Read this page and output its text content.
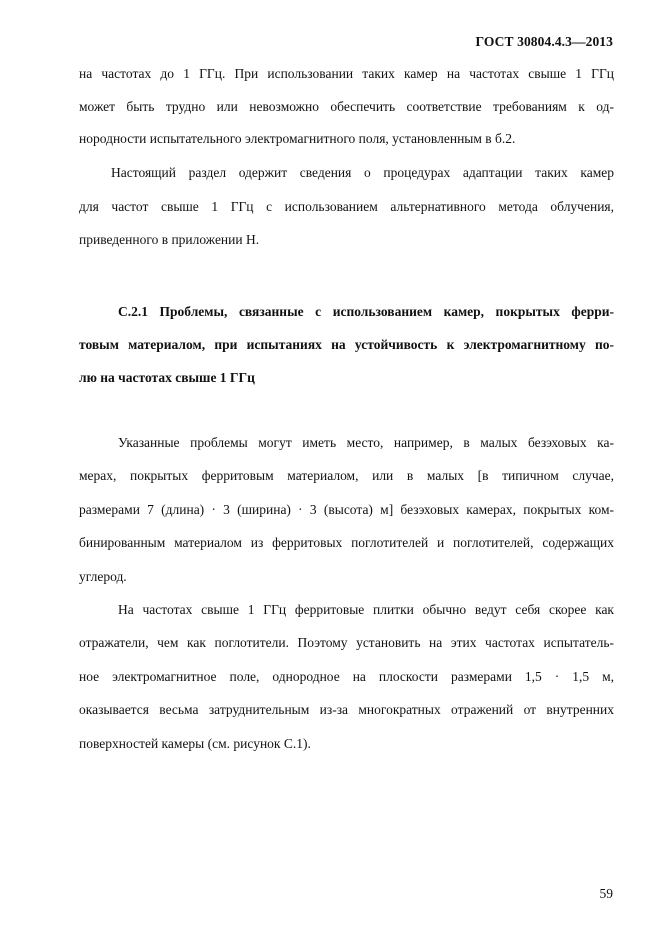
ГОСТ 30804.4.3—2013
на частотах до 1 ГГц. При использовании таких камер на частотах свыше 1 ГГц
может быть трудно или невозможно обеспечить соответствие требованиям к од-
нородности испытательного электромагнитного поля, установленным в б.2.
Настоящий раздел одержит сведения о процедурах адаптации таких камер
для частот свыше 1 ГГц с использованием альтернативного метода облучения,
приведенного в приложении Н.
С.2.1 Проблемы, связанные с использованием камер, покрытых ферри-
товым материалом, при испытаниях на устойчивость к электромагнитному по-
лю на частотах свыше 1 ГГц
Указанные проблемы могут иметь место, например, в малых безэховых ка-
мерах, покрытых ферритовым материалом, или в малых [в типичном случае,
размерами 7 (длина) · 3 (ширина) · 3 (высота) м] безэховых камерах, покрытых ком-
бинированным материалом из ферритовых поглотителей и поглотителей, содержащих
углерод.
На частотах свыше 1 ГГц ферритовые плитки обычно ведут себя скорее как
отражатели, чем как поглотители. Поэтому установить на этих частотах испытатель-
ное электромагнитное поле, однородное на плоскости размерами 1,5 · 1,5 м,
оказывается весьма затруднительным из-за многократных отражений от внутренних
поверхностей камеры (см. рисунок С.1).
59
